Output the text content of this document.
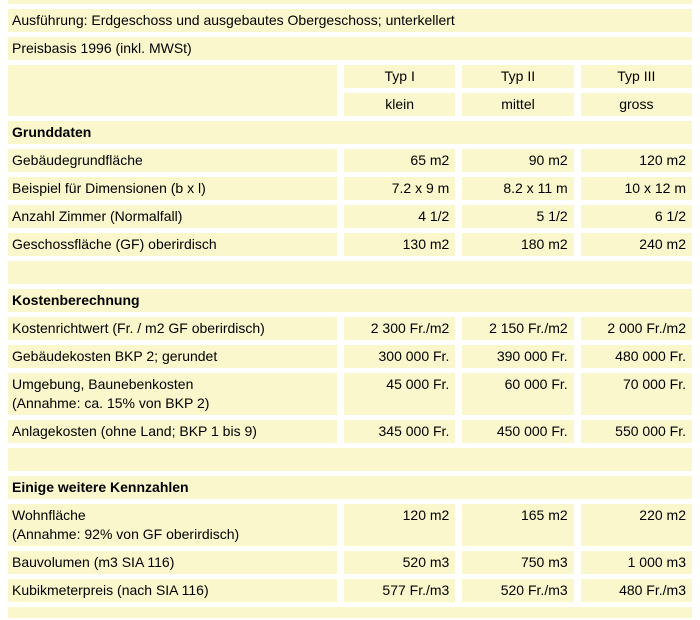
Ausführung: Erdgeschoss und ausgebautes Obergeschoss; unterkellert
Preisbasis 1996 (inkl. MWSt)
Typ I	Typ II	Typ III
klein	mittel	gross
Grunddaten
Gebäudegrundfläche	65 m2	90 m2	120 m2
Beispiel für Dimensionen (b x l)	7.2 x 9 m	8.2 x 11 m	10 x 12 m
Anzahl Zimmer (Normalfall)	4 1/2	5 1/2	6 1/2
Geschossfläche (GF) oberirdisch	130 m2	180 m2	240 m2
Kostenberechnung
Kostenrichtwert (Fr. / m2 GF oberirdisch)	2 300 Fr./m2	2 150 Fr./m2	2 000 Fr./m2
Gebäudekosten BKP 2; gerundet	300 000 Fr.	390 000 Fr.	480 000 Fr.
Umgebung, Baunebenkosten
(Annahme: ca. 15% von BKP 2)
45 000 Fr.	60 000 Fr.	70 000 Fr.
Anlagekosten (ohne Land; BKP 1 bis 9)	345 000 Fr.	450 000 Fr.	550 000 Fr.
Einige weitere Kennzahlen
Wohnfläche
(Annahme: 92% von GF oberirdisch)
120 m2	165 m2	220 m2
Bauvolumen (m3 SIA 116)	520 m3	750 m3	1 000 m3
Kubikmeterpreis (nach SIA 116)	577 Fr./m3	520 Fr./m3	480 Fr./m3
